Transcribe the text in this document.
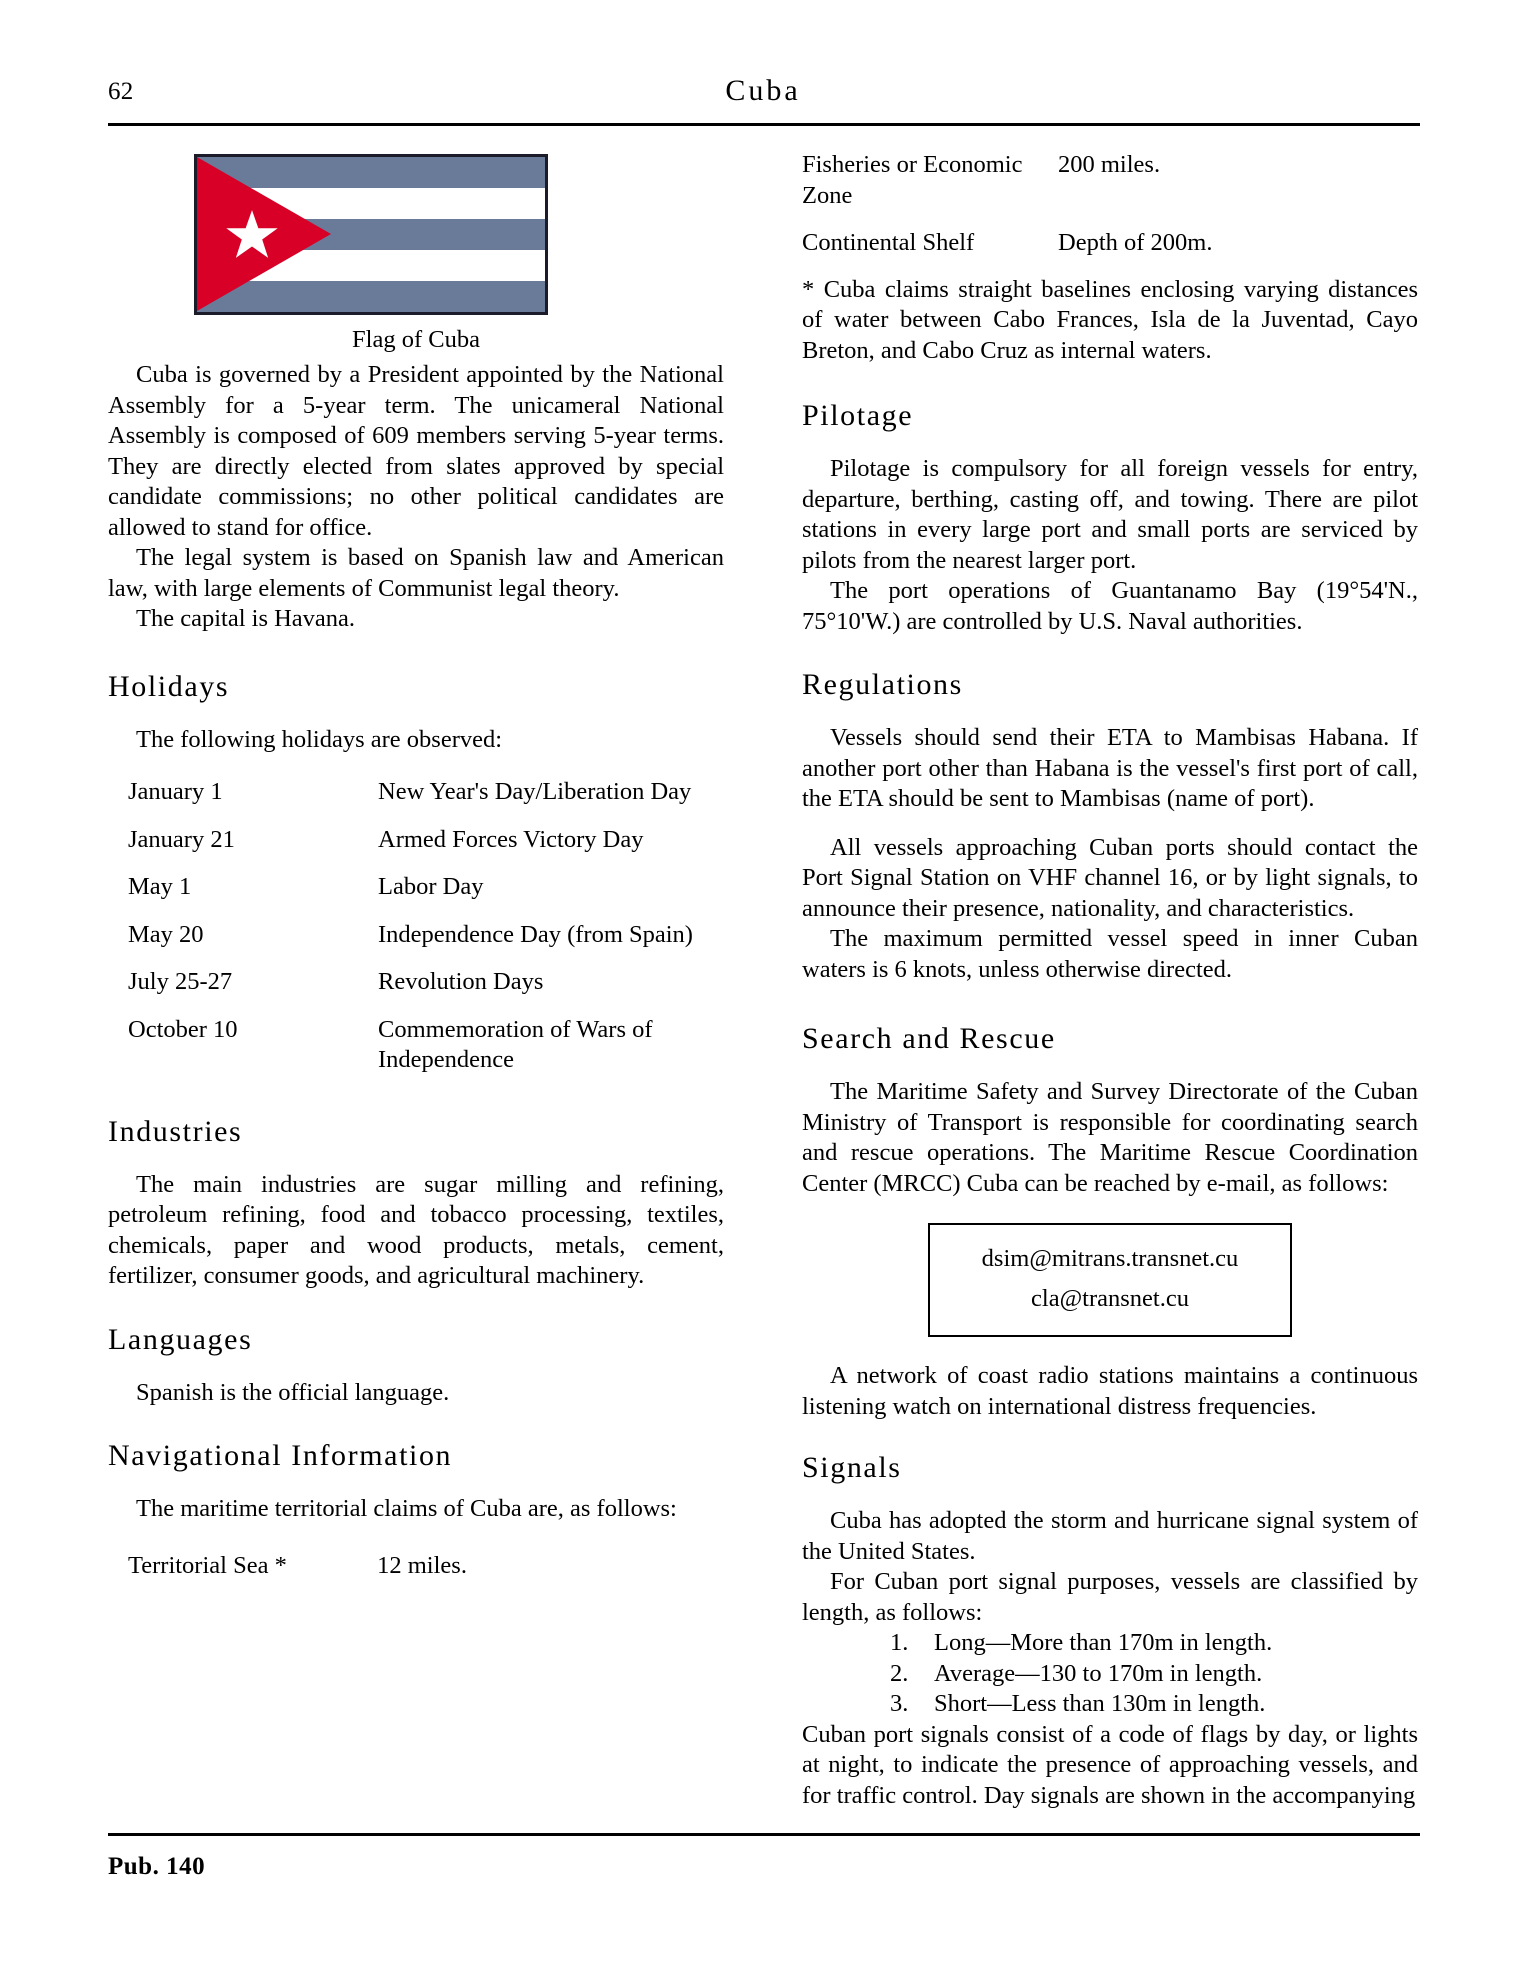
62	Cuba
Flag of Cuba

Cuba is governed by a President appointed by the National Assembly for a 5-year term. The unicameral National Assembly is composed of 609 members serving 5-year terms. They are directly elected from slates approved by special candidate commissions; no other political candidates are allowed to stand for office.

The legal system is based on Spanish law and American law, with large elements of Communist legal theory.

The capital is Havana.

Holidays

The following holidays are observed:

January 1	New Year's Day/Liberation Day
January 21	Armed Forces Victory Day
May 1	Labor Day
May 20	Independence Day (from Spain)
July 25-27	Revolution Days
October 10	Commemoration of Wars of Independence
Industries

The main industries are sugar milling and refining, petroleum refining, food and tobacco processing, textiles, chemicals, paper and wood products, metals, cement, fertilizer, consumer goods, and agricultural machinery.

Languages

Spanish is the official language.

Navigational Information

The maritime territorial claims of Cuba are, as follows:

Territorial Sea *	12 miles.
Fisheries or Economic Zone	200 miles.
Continental Shelf	Depth of 200m.

* Cuba claims straight baselines enclosing varying distances of water between Cabo Frances, Isla de la Juventad, Cayo Breton, and Cabo Cruz as internal waters.

Pilotage

Pilotage is compulsory for all foreign vessels for entry, departure, berthing, casting off, and towing. There are pilot stations in every large port and small ports are serviced by pilots from the nearest larger port.

The port operations of Guantanamo Bay (19°54'N., 75°10'W.) are controlled by U.S. Naval authorities.

Regulations

Vessels should send their ETA to Mambisas Habana. If another port other than Habana is the vessel's first port of call, the ETA should be sent to Mambisas (name of port).

All vessels approaching Cuban ports should contact the Port Signal Station on VHF channel 16, or by light signals, to announce their presence, nationality, and characteristics.

The maximum permitted vessel speed in inner Cuban waters is 6 knots, unless otherwise directed.

Search and Rescue

The Maritime Safety and Survey Directorate of the Cuban Ministry of Transport is responsible for coordinating search and rescue operations. The Maritime Rescue Coordination Center (MRCC) Cuba can be reached by e-mail, as follows:

dsim@mitrans.transnet.cu
cla@transnet.cu

A network of coast radio stations maintains a continuous listening watch on international distress frequencies.

Signals

Cuba has adopted the storm and hurricane signal system of the United States.

For Cuban port signal purposes, vessels are classified by length, as follows:

1. Long—More than 170m in length.
2. Average—130 to 170m in length.
3. Short—Less than 130m in length.

Cuban port signals consist of a code of flags by day, or lights at night, to indicate the presence of approaching vessels, and for traffic control. Day signals are shown in the accompanying

Pub. 140
